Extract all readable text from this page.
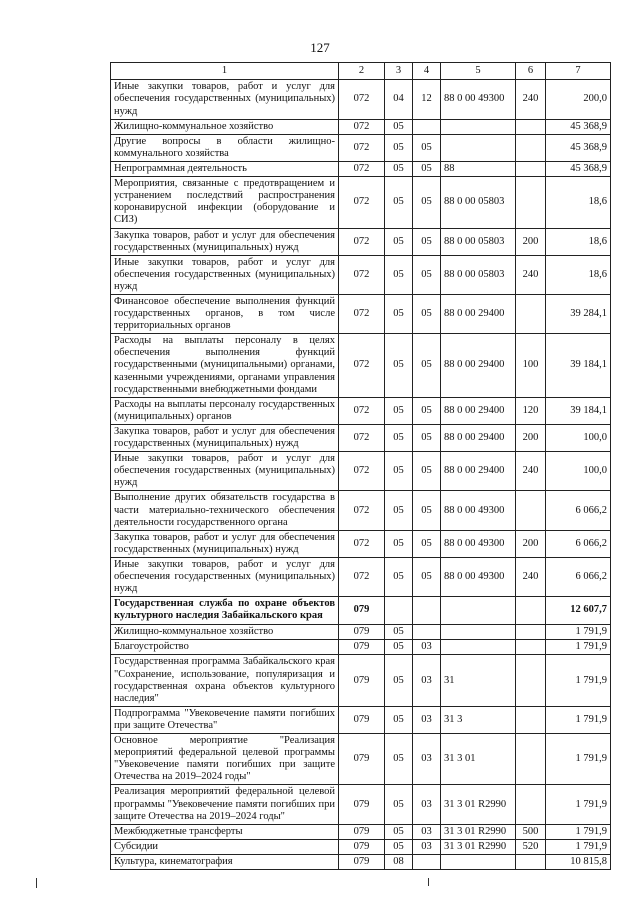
127
1	2	3	4	5	6	7
Иные закупки товаров, работ и услуг для обеспечения государственных (муниципальных) нужд	072	04	12	88 0 00 49300	240	200,0
Жилищно-коммунальное хозяйство	072	05				45 368,9
Другие вопросы в области жилищно-коммунального хозяйства	072	05	05			45 368,9
Непрограммная деятельность	072	05	05	88		45 368,9
Мероприятия, связанные с предотвращением и устранением последствий распространения коронавирусной инфекции (оборудование и СИЗ)	072	05	05	88 0 00 05803		18,6
Закупка товаров, работ и услуг для обеспечения государственных (муниципальных) нужд	072	05	05	88 0 00 05803	200	18,6
Иные закупки товаров, работ и услуг для обеспечения государственных (муниципальных) нужд	072	05	05	88 0 00 05803	240	18,6
Финансовое обеспечение выполнения функций государственных органов, в том числе территориальных органов	072	05	05	88 0 00 29400		39 284,1
Расходы на выплаты персоналу в целях обеспечения выполнения функций государственными (муниципальными) органами, казенными учреждениями, органами управления государственными внебюджетными фондами	072	05	05	88 0 00 29400	100	39 184,1
Расходы на выплаты персоналу государственных (муниципальных) органов	072	05	05	88 0 00 29400	120	39 184,1
Закупка товаров, работ и услуг для обеспечения государственных (муниципальных) нужд	072	05	05	88 0 00 29400	200	100,0
Иные закупки товаров, работ и услуг для обеспечения государственных (муниципальных) нужд	072	05	05	88 0 00 29400	240	100,0
Выполнение других обязательств государства в части материально-технического обеспечения деятельности государственного органа	072	05	05	88 0 00 49300		6 066,2
Закупка товаров, работ и услуг для обеспечения государственных (муниципальных) нужд	072	05	05	88 0 00 49300	200	6 066,2
Иные закупки товаров, работ и услуг для обеспечения государственных (муниципальных) нужд	072	05	05	88 0 00 49300	240	6 066,2
Государственная служба по охране объектов культурного наследия Забайкальского края	079					12 607,7
Жилищно-коммунальное хозяйство	079	05				1 791,9
Благоустройство	079	05	03			1 791,9
Государственная программа Забайкальского края "Сохранение, использование, популяризация и государственная охрана объектов культурного наследия"	079	05	03	31		1 791,9
Подпрограмма "Увековечение памяти погибших при защите Отечества"	079	05	03	31 3		1 791,9
Основное мероприятие "Реализация мероприятий федеральной целевой программы "Увековечение памяти погибших при защите Отечества на 2019–2024 годы"	079	05	03	31 3 01		1 791,9
Реализация мероприятий федеральной целевой программы "Увековечение памяти погибших при защите Отечества на 2019–2024 годы"	079	05	03	31 3 01 R2990		1 791,9
Межбюджетные трансферты	079	05	03	31 3 01 R2990	500	1 791,9
Субсидии	079	05	03	31 3 01 R2990	520	1 791,9
Культура, кинематография	079	08				10 815,8
